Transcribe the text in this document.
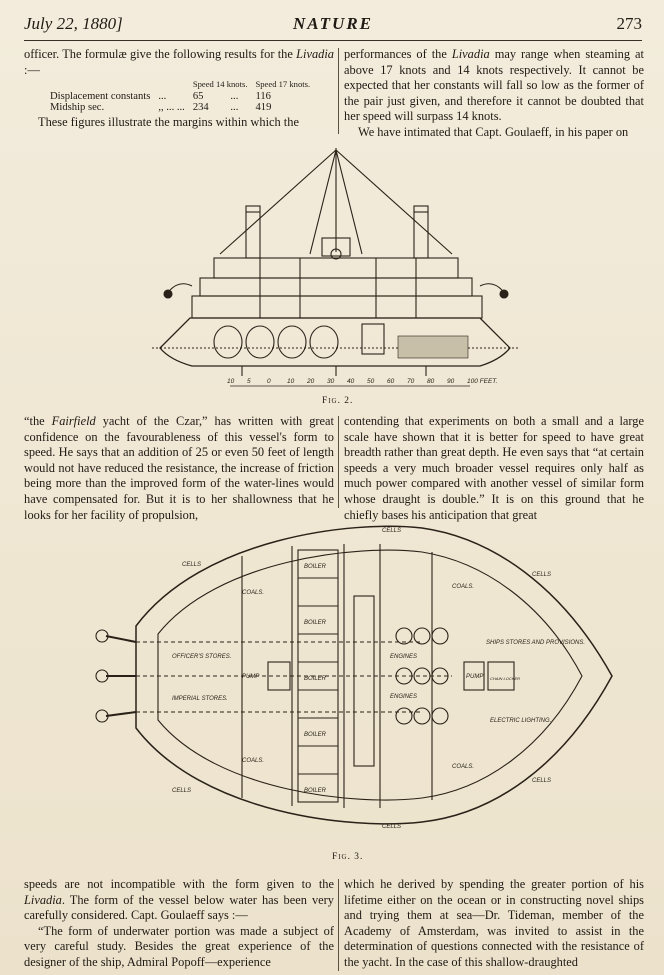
July 22, 1880]	NATURE	273

officer. The formulæ give the following results for the Livadia :—

		Speed 14 knots.		Speed 17 knots.
Displacement constants	...	65	...	116
Midship sec.	,, ... ...	234	...	419

These figures illustrate the margins within which the

performances of the Livadia may range when steaming at above 17 knots and 14 knots respectively. It cannot be expected that her constants will fall so low as the former of the pair just given, and therefore it cannot be doubted that her speed will surpass 14 knots.

We have intimated that Capt. Goulaeff, in his paper on

10 5	0	10 20 30 40 50 60 70 80 90 100 FEET.
Fig. 2.

“the Fairfield yacht of the Czar,” has written with great confidence on the favourableness of this vessel's form to speed. He says that an addition of 25 or even 50 feet of length would not have reduced the resistance, the increase of friction being more than the improved form of the water-lines would have compensated for. But it is to her shallowness that he looks for her facility of propulsion,

contending that experiments on both a small and a large scale have shown that it is better for speed to have great breadth rather than great depth. He even says that “at certain speeds a very much broader vessel requires only half as much power compared with another vessel of similar form whose draught is double.” It is on this ground that he chiefly bases his anticipation that great

CELLS
CELLS
CELLS
CELLS
CELLS
CELLS
COALS.
COALS.
COALS.
COALS.
BOILER
BOILER
BOILER
BOILER
BOILER
OFFICER'S STORES.
IMPERIAL STORES.
PUMP	PUMP
ENGINES
ENGINES
SHIPS STORES AND PROVISIONS.
CHAIN LOCKER
ELECTRIC LIGHTING.
Fig. 3.

speeds are not incompatible with the form given to the Livadia. The form of the vessel below water has been very carefully considered. Capt. Goulaeff says :—

“The form of underwater portion was made a subject of very careful study. Besides the great experience of the designer of the ship, Admiral Popoff—experience

which he derived by spending the greater portion of his lifetime either on the ocean or in constructing novel ships and trying them at sea—Dr. Tideman, member of the Academy of Amsterdam, was invited to assist in the determination of questions connected with the resistance of the yacht. In the case of this shallow-draughted
